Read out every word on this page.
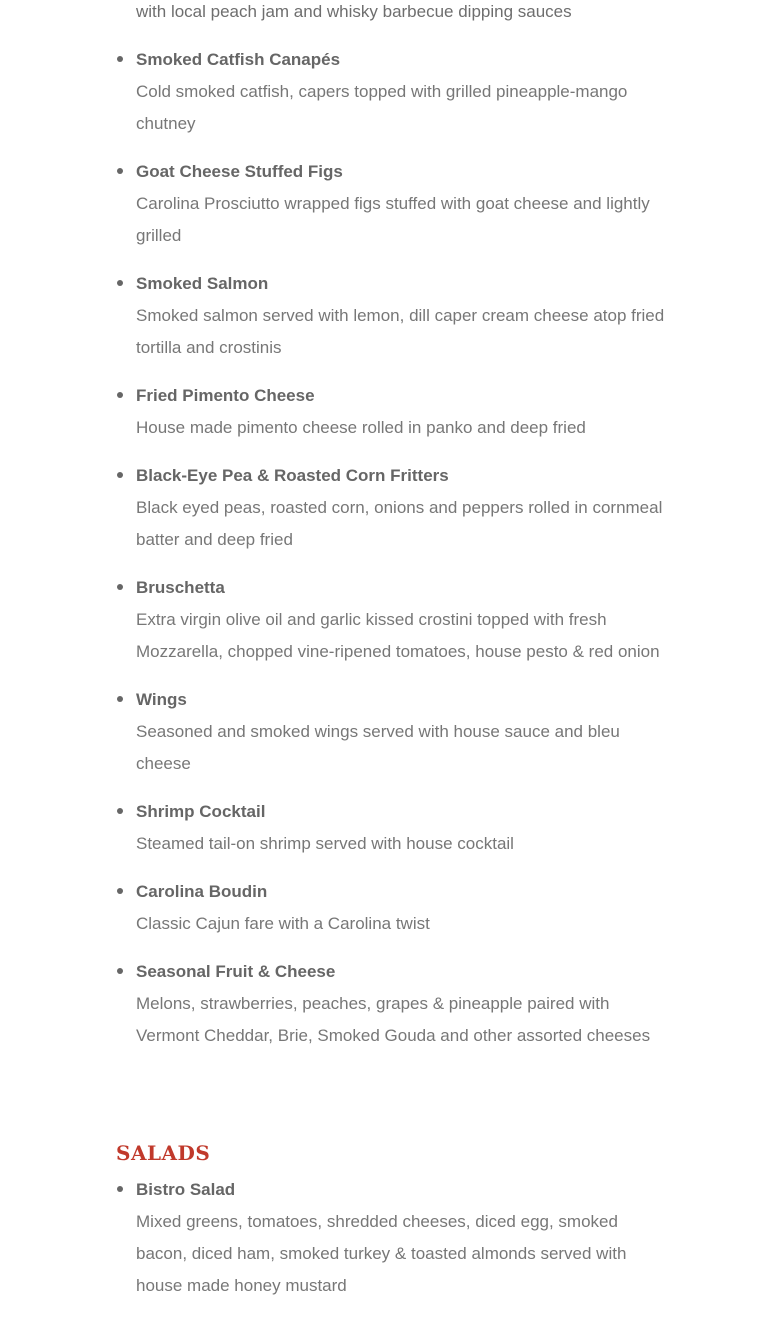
with local peach jam and whisky barbecue dipping sauces
Smoked Catfish Canapés
Cold smoked catfish, capers topped with grilled pineapple-mango chutney
Goat Cheese Stuffed Figs
Carolina Prosciutto wrapped figs stuffed with goat cheese and lightly grilled
Smoked Salmon
Smoked salmon served with lemon, dill caper cream cheese atop fried tortilla and crostinis
Fried Pimento Cheese
House made pimento cheese rolled in panko and deep fried
Black-Eye Pea & Roasted Corn Fritters
Black eyed peas, roasted corn, onions and peppers rolled in cornmeal batter and deep fried
Bruschetta
Extra virgin olive oil and garlic kissed crostini topped with fresh Mozzarella, chopped vine-ripened tomatoes, house pesto & red onion
Wings
Seasoned and smoked wings served with house sauce and bleu cheese
Shrimp Cocktail
Steamed tail-on shrimp served with house cocktail
Carolina Boudin
Classic Cajun fare with a Carolina twist
Seasonal Fruit & Cheese
Melons, strawberries, peaches, grapes & pineapple paired with Vermont Cheddar, Brie, Smoked Gouda and other assorted cheeses
SALADS
Bistro Salad
Mixed greens, tomatoes, shredded cheeses, diced egg, smoked bacon, diced ham, smoked turkey & toasted almonds served with house made honey mustard
